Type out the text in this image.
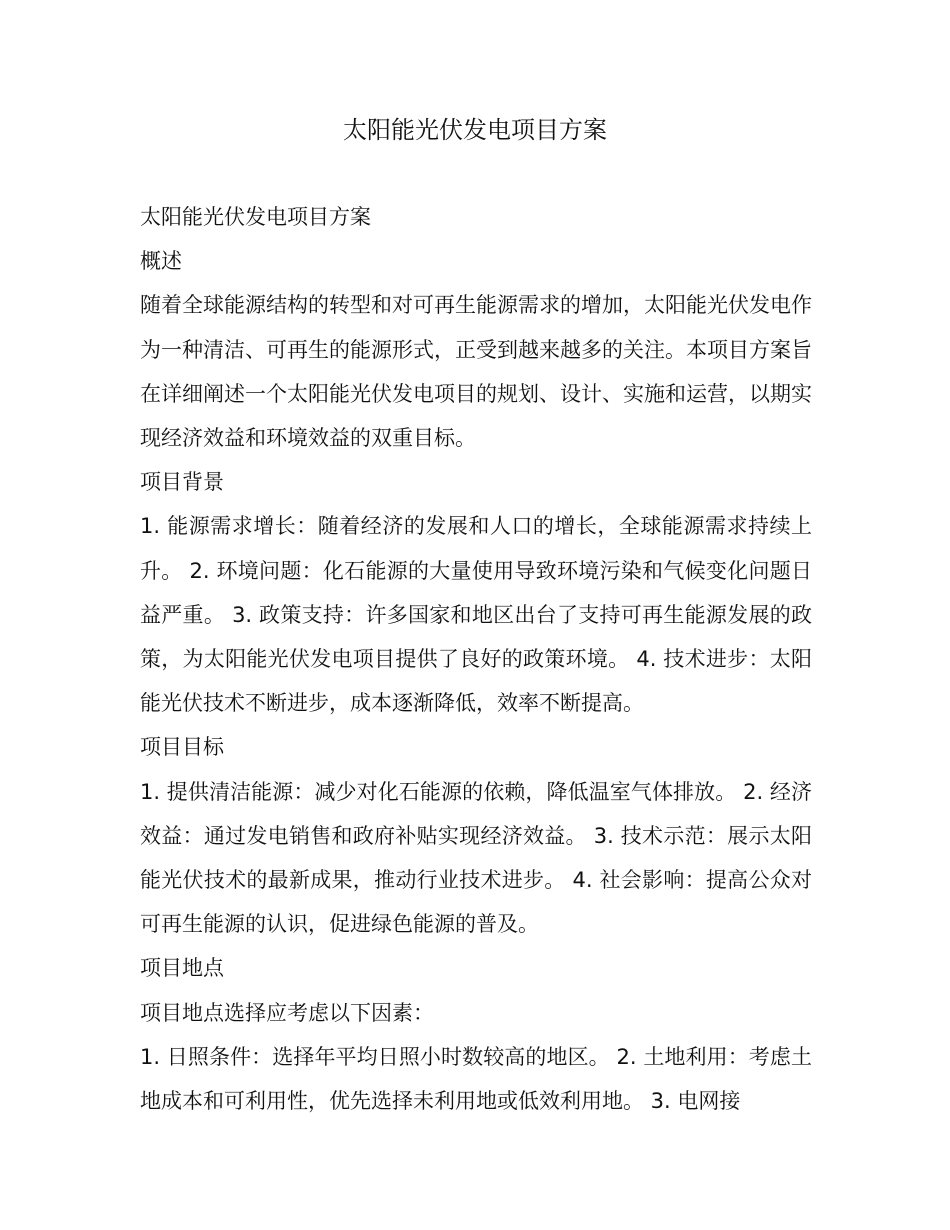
太阳能光伏发电项目方案

太阳能光伏发电项目方案

概述

随着全球能源结构的转型和对可再生能源需求的增加，太阳能光伏发电作为一种清洁、可再生的能源形式，正受到越来越多的关注。本项目方案旨在详细阐述一个太阳能光伏发电项目的规划、设计、实施和运营，以期实现经济效益和环境效益的双重目标。

项目背景

1. 能源需求增长：随着经济的发展和人口的增长，全球能源需求持续上升。 2. 环境问题：化石能源的大量使用导致环境污染和气候变化问题日益严重。 3. 政策支持：许多国家和地区出台了支持可再生能源发展的政策，为太阳能光伏发电项目提供了良好的政策环境。 4. 技术进步：太阳能光伏技术不断进步，成本逐渐降低，效率不断提高。

项目目标

1. 提供清洁能源：减少对化石能源的依赖，降低温室气体排放。 2. 经济效益：通过发电销售和政府补贴实现经济效益。 3. 技术示范：展示太阳能光伏技术的最新成果，推动行业技术进步。 4. 社会影响：提高公众对可再生能源的认识，促进绿色能源的普及。

项目地点

项目地点选择应考虑以下因素：

1. 日照条件：选择年平均日照小时数较高的地区。 2. 土地利用：考虑土地成本和可利用性，优先选择未利用地或低效利用地。 3. 电网接
